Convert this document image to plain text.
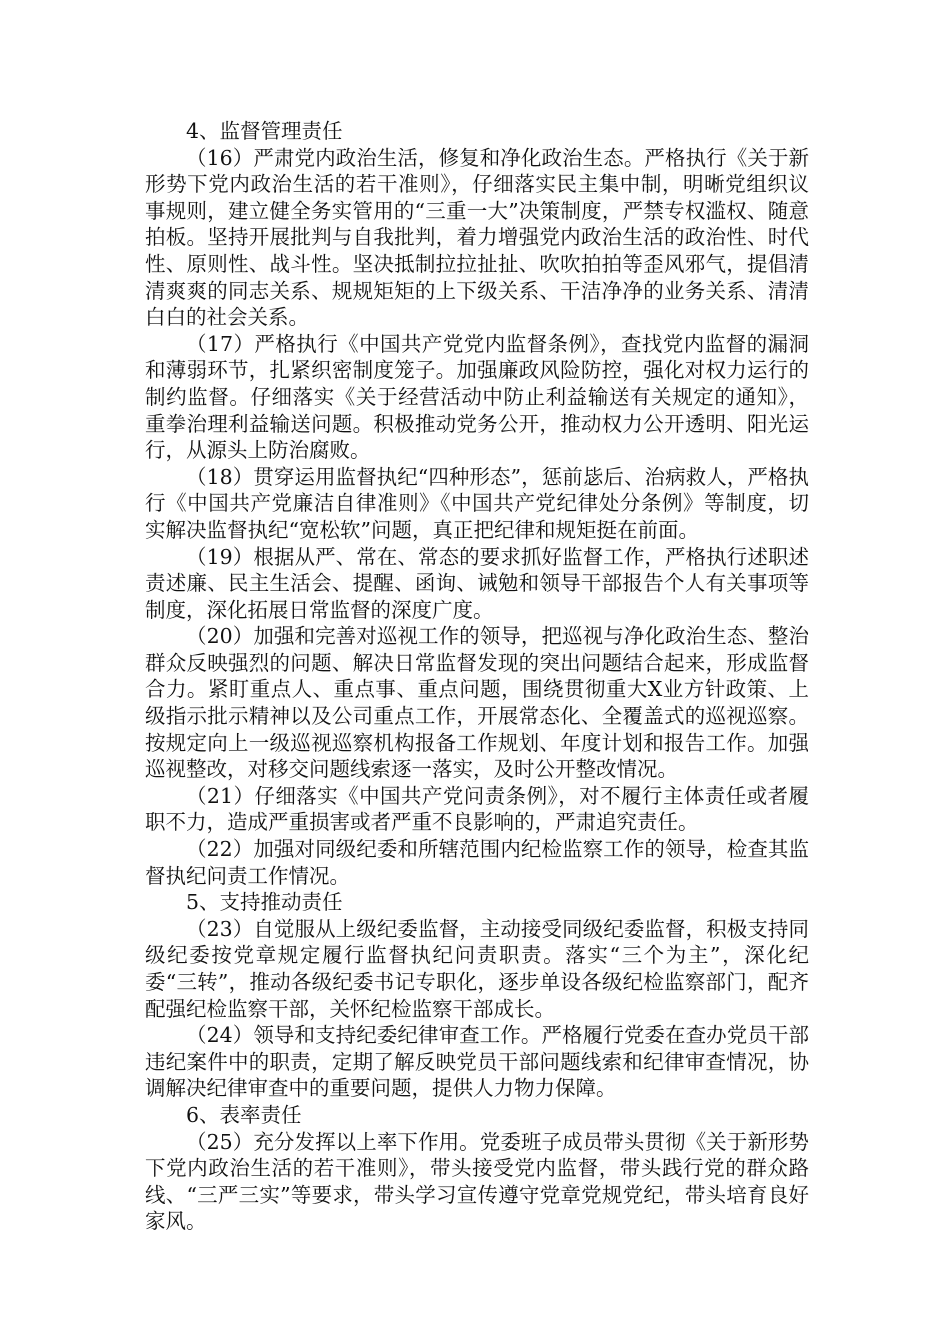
4、监督管理责任

（16）严肃党内政治生活，修复和净化政治生态。严格执行《关于新形势下党内政治生活的若干准则》，仔细落实民主集中制，明晰党组织议事规则，建立健全务实管用的“三重一大”决策制度，严禁专权滥权、随意拍板。坚持开展批判与自我批判，着力增强党内政治生活的政治性、时代性、原则性、战斗性。坚决抵制拉拉扯扯、吹吹拍拍等歪风邪气，提倡清清爽爽的同志关系、规规矩矩的上下级关系、干洁净净的业务关系、清清白白的社会关系。

（17）严格执行《中国共产党党内监督条例》，查找党内监督的漏洞和薄弱环节，扎紧织密制度笼子。加强廉政风险防控，强化对权力运行的制约监督。仔细落实《关于经营活动中防止利益输送有关规定的通知》，重拳治理利益输送问题。积极推动党务公开，推动权力公开透明、阳光运行，从源头上防治腐败。

（18）贯穿运用监督执纪“四种形态”，惩前毖后、治病救人，严格执行《中国共产党廉洁自律准则》《中国共产党纪律处分条例》等制度，切实解决监督执纪“宽松软”问题，真正把纪律和规矩挺在前面。

（19）根据从严、常在、常态的要求抓好监督工作，严格执行述职述责述廉、民主生活会、提醒、函询、诫勉和领导干部报告个人有关事项等制度，深化拓展日常监督的深度广度。

（20）加强和完善对巡视工作的领导，把巡视与净化政治生态、整治群众反映强烈的问题、解决日常监督发现的突出问题结合起来，形成监督合力。紧盯重点人、重点事、重点问题，围绕贯彻重大X业方针政策、上级指示批示精神以及公司重点工作，开展常态化、全覆盖式的巡视巡察。按规定向上一级巡视巡察机构报备工作规划、年度计划和报告工作。加强巡视整改，对移交问题线索逐一落实，及时公开整改情况。

（21）仔细落实《中国共产党问责条例》，对不履行主体责任或者履职不力，造成严重损害或者严重不良影响的，严肃追究责任。

（22）加强对同级纪委和所辖范围内纪检监察工作的领导，检查其监督执纪问责工作情况。

5、支持推动责任

（23）自觉服从上级纪委监督，主动接受同级纪委监督，积极支持同级纪委按党章规定履行监督执纪问责职责。落实“三个为主”，深化纪委“三转”，推动各级纪委书记专职化，逐步单设各级纪检监察部门，配齐配强纪检监察干部，关怀纪检监察干部成长。

（24）领导和支持纪委纪律审查工作。严格履行党委在查办党员干部违纪案件中的职责，定期了解反映党员干部问题线索和纪律审查情况，协调解决纪律审查中的重要问题，提供人力物力保障。

6、表率责任

（25）充分发挥以上率下作用。党委班子成员带头贯彻《关于新形势下党内政治生活的若干准则》，带头接受党内监督，带头践行党的群众路线、“三严三实”等要求，带头学习宣传遵守党章党规党纪，带头培育良好家风。
